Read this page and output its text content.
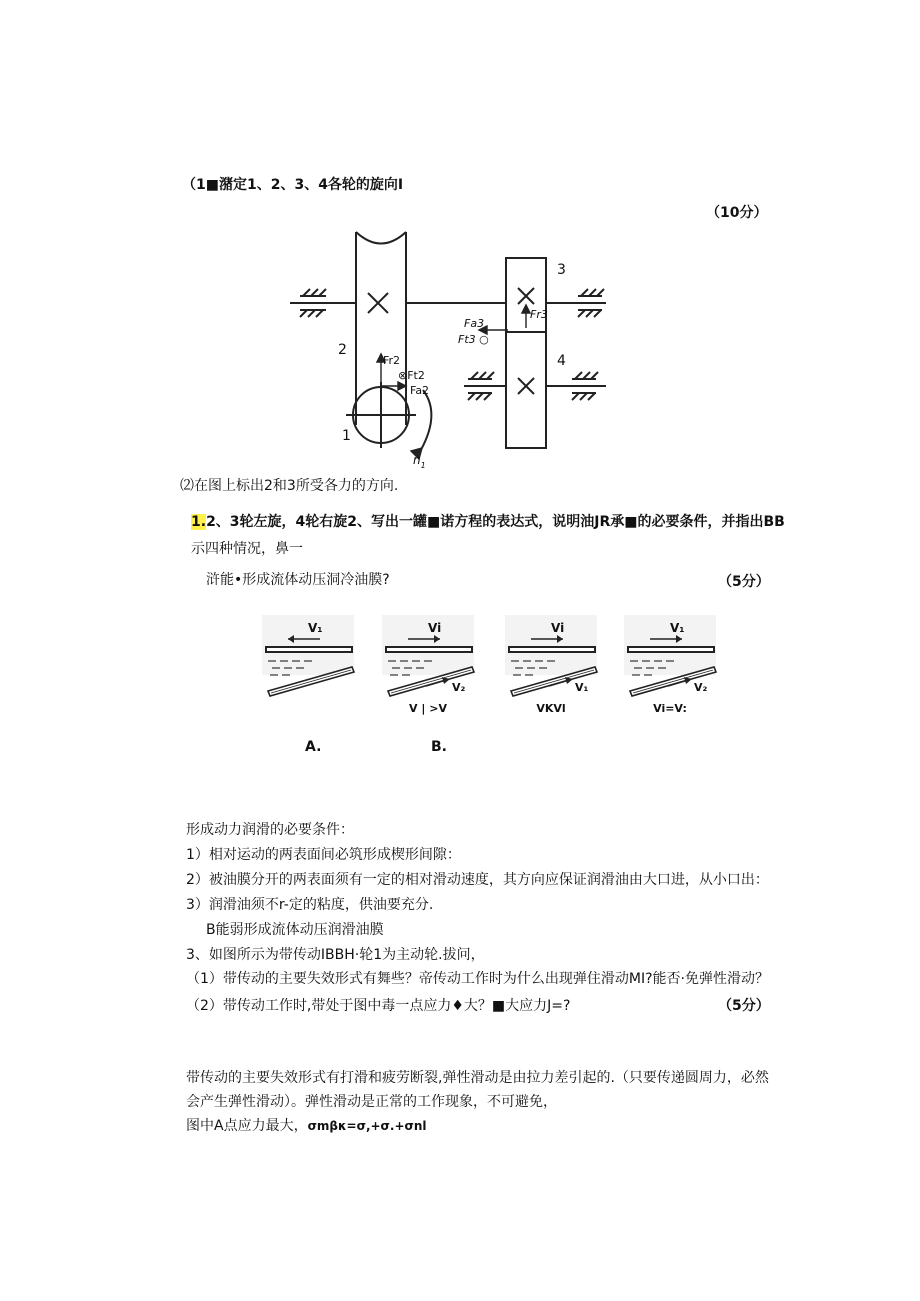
（1■潴定1、2、3、4各轮的旋向I
（10分）
2
1
3
4
Fr2
⊗Ft2
Fa2
Fa3
Fr3
Ft3 ○
$n_1$
⑵在图上标出2和3所受各力的方向.
1.2、3轮左旋，4轮右旋2、写出一罐■诺方程的表达式，说明油JR承■的必要条件，并指出BB
示四种情况，鼻一
浒能•形成流体动压洞冷油膜?	（5分）
V₁	Vi
V₂
V | >V
Vi
V₁
VKVl
V₁
V₂
Vi=V:
A.	B.
形成动力润滑的必要条件：
1）相对运动的两表面间必筑形成楔形间隙：
2）被油膜分开的两表面须有一定的相对滑动速度，其方向应保证润滑油由大口进，从小口出：
3）润滑油须不r-定的粘度，供油要充分.
B能弱形成流体动压润滑油膜
3、如图所示为带传动IBBH·轮1为主动轮.拔问，
（1）带传动的主要失效形式有舞些？帝传动工作时为什么出现弹住滑动MI?能否·免弹性滑动？
（2）带传动工作时,带处于图中毒一点应力♦大？■大应力J=?	（5分）
带传动的主要失效形式有打滑和疲劳断裂,弹性滑动是由拉力差引起的.（只要传递圆周力，必然
会产生弹性滑动）。弹性滑动是正常的工作现象，不可避免，
图中A点应力最大，σmβκ=σ,+σ.+σnl
